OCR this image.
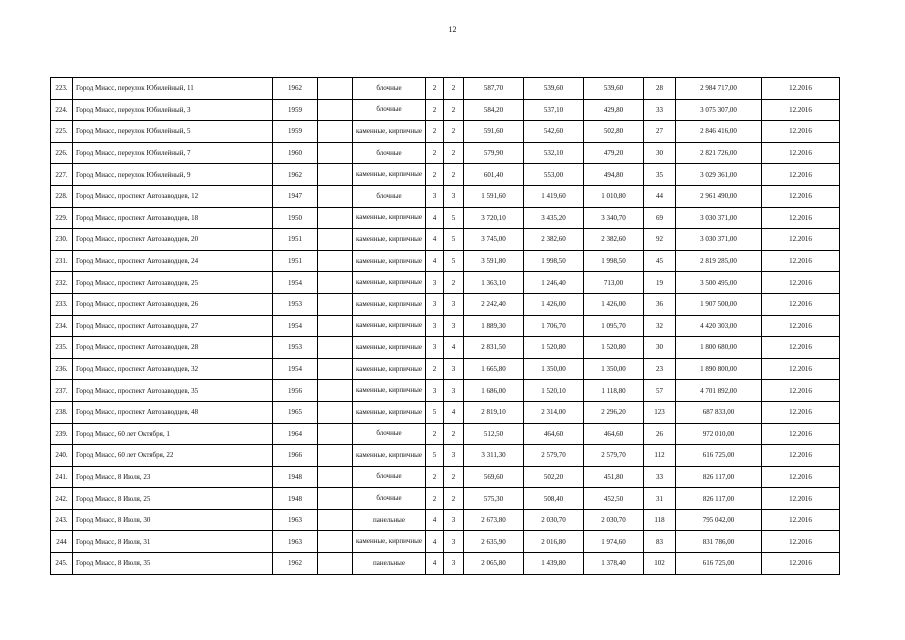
12
223.	Город Миасс, переулок Юбилейный, 11	1962		блочные	2	2	587,70	539,60	539,60	28	2 984 717,00	12.2016
224.	Город Миасс, переулок Юбилейный, 3	1959		блочные	2	2	584,20	537,10	429,80	33	3 075 307,00	12.2016
225.	Город Миасс, переулок Юбилейный, 5	1959		каменные, кирпичные	2	2	591,60	542,60	502,80	27	2 846 416,00	12.2016
226.	Город Миасс, переулок Юбилейный, 7	1960		блочные	2	2	579,90	532,10	479,20	30	2 821 726,00	12.2016
227.	Город Миасс, переулок Юбилейный, 9	1962		каменные, кирпичные	2	2	601,40	553,00	494,80	35	3 029 361,00	12.2016
228.	Город Миасс, проспект Автозаводцев, 12	1947		блочные	3	3	1 591,60	1 419,60	1 010,80	44	2 961 490,00	12.2016
229.	Город Миасс, проспект Автозаводцев, 18	1950		каменные, кирпичные	4	5	3 720,10	3 435,20	3 340,70	69	3 030 371,00	12.2016
230.	Город Миасс, проспект Автозаводцев, 20	1951		каменные, кирпичные	4	5	3 745,00	2 382,60	2 382,60	92	3 030 371,00	12.2016
231.	Город Миасс, проспект Автозаводцев, 24	1951		каменные, кирпичные	4	5	3 591,80	1 998,50	1 998,50	45	2 819 285,00	12.2016
232.	Город Миасс, проспект Автозаводцев, 25	1954		каменные, кирпичные	3	2	1 363,10	1 246,40	713,00	19	3 500 495,00	12.2016
233.	Город Миасс, проспект Автозаводцев, 26	1953		каменные, кирпичные	3	3	2 242,40	1 426,00	1 426,00	36	1 907 500,00	12.2016
234.	Город Миасс, проспект Автозаводцев, 27	1954		каменные, кирпичные	3	3	1 889,30	1 706,70	1 095,70	32	4 420 303,00	12.2016
235.	Город Миасс, проспект Автозаводцев, 28	1953		каменные, кирпичные	3	4	2 831,50	1 520,80	1 520,80	30	1 800 680,00	12.2016
236.	Город Миасс, проспект Автозаводцев, 32	1954		каменные, кирпичные	2	3	1 665,80	1 350,00	1 350,00	23	1 890 800,00	12.2016
237.	Город Миасс, проспект Автозаводцев, 35	1956		каменные, кирпичные	3	3	1 686,00	1 520,10	1 118,80	57	4 701 892,00	12.2016
238.	Город Миасс, проспект Автозаводцев, 48	1965		каменные, кирпичные	5	4	2 819,10	2 314,00	2 296,20	123	687 833,00	12.2016
239.	Город Миасс, 60 лет Октября, 1	1964		блочные	2	2	512,50	464,60	464,60	26	972 010,00	12.2016
240.	Город Миасс, 60 лет Октября, 22	1966		каменные, кирпичные	5	3	3 311,30	2 579,70	2 579,70	112	616 725,00	12.2016
241.	Город Миасс, 8 Июля, 23	1948		блочные	2	2	569,60	502,20	451,80	33	826 117,00	12.2016
242.	Город Миасс, 8 Июля, 25	1948		блочные	2	2	575,30	508,40	452,50	31	826 117,00	12.2016
243.	Город Миасс, 8 Июля, 30	1963		панельные	4	3	2 673,80	2 030,70	2 030,70	118	795 042,00	12.2016
244	Город Миасс, 8 Июля, 31	1963		каменные, кирпичные	4	3	2 635,90	2 016,80	1 974,60	83	831 786,00	12.2016
245.	Город Миасс, 8 Июля, 35	1962		панельные	4	3	2 065,80	1 439,80	1 378,40	102	616 725,00	12.2016
